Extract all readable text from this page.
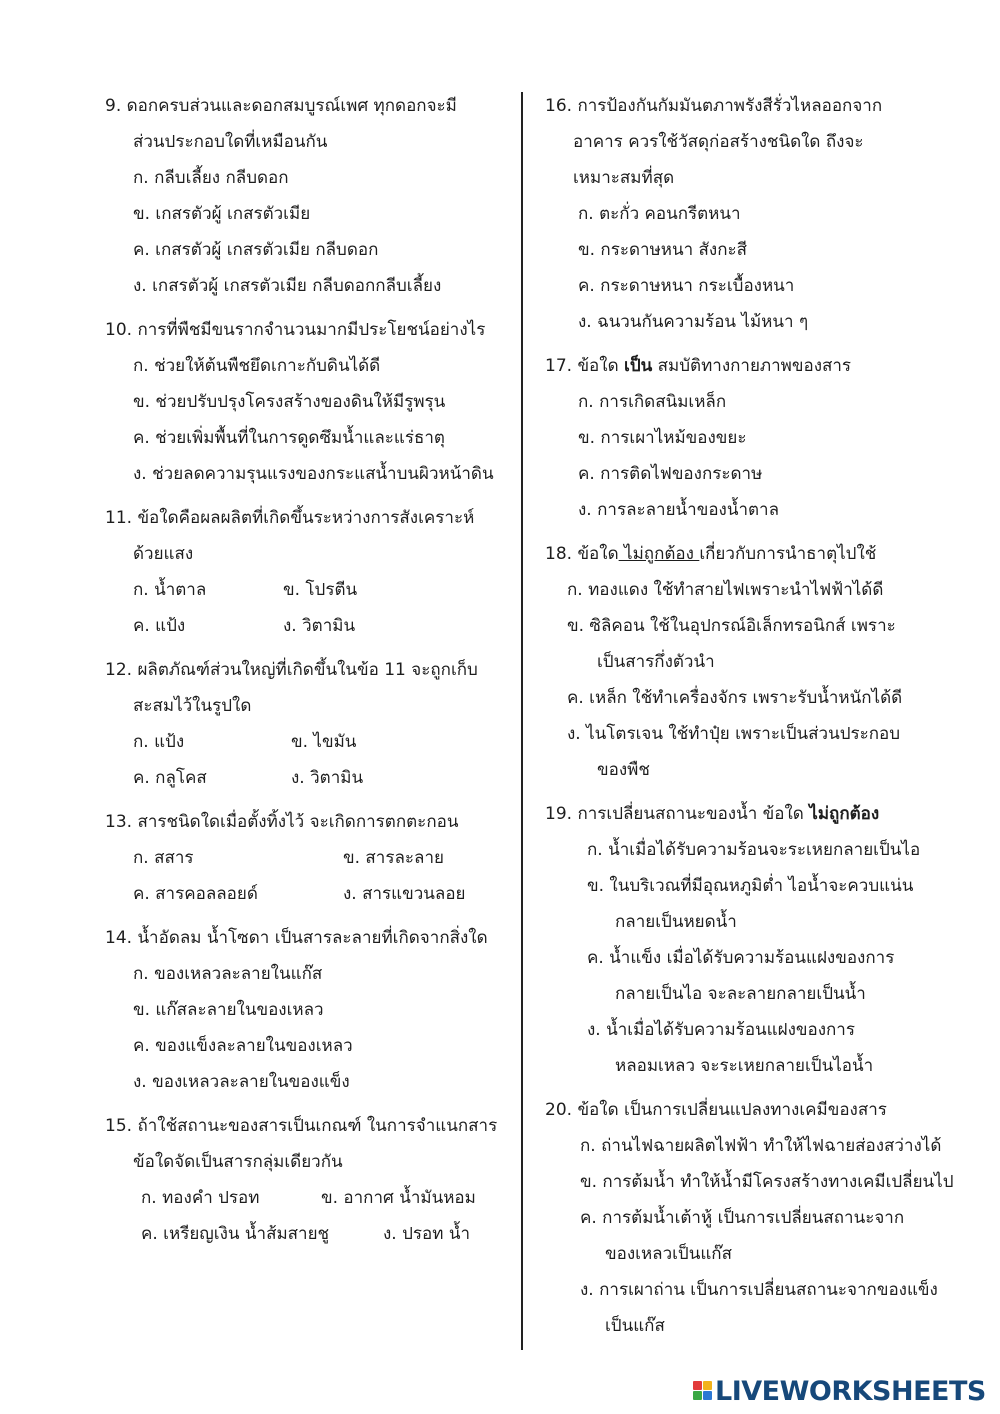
9. ดอกครบส่วนและดอกสมบูรณ์เพศ ทุกดอกจะมี
ส่วนประกอบใดที่เหมือนกัน
ก. กลีบเลี้ยง กลีบดอก
ข. เกสรตัวผู้ เกสรตัวเมีย
ค. เกสรตัวผู้ เกสรตัวเมีย กลีบดอก
ง. เกสรตัวผู้ เกสรตัวเมีย กลีบดอกกลีบเลี้ยง
10. การที่พืชมีขนรากจำนวนมากมีประโยชน์อย่างไร
ก. ช่วยให้ต้นพืชยึดเกาะกับดินได้ดี
ข. ช่วยปรับปรุงโครงสร้างของดินให้มีรูพรุน
ค. ช่วยเพิ่มพื้นที่ในการดูดซึมน้ำและแร่ธาตุ
ง. ช่วยลดความรุนแรงของกระแสน้ำบนผิวหน้าดิน
11. ข้อใดคือผลผลิตที่เกิดขึ้นระหว่างการสังเคราะห์
ด้วยแสง
ก. น้ำตาล	ข. โปรตีน
ค. แป้ง	ง. วิตามิน
12. ผลิตภัณฑ์ส่วนใหญ่ที่เกิดขึ้นในข้อ 11 จะถูกเก็บ
สะสมไว้ในรูปใด
ก. แป้ง	ข. ไขมัน
ค. กลูโคส	ง. วิตามิน
13. สารชนิดใดเมื่อตั้งทิ้งไว้ จะเกิดการตกตะกอน
ก. สสาร	ข. สารละลาย
ค. สารคอลลอยด์	ง. สารแขวนลอย
14. น้ำอัดลม น้ำโซดา เป็นสารละลายที่เกิดจากสิ่งใด
ก. ของเหลวละลายในแก๊ส
ข. แก๊สละลายในของเหลว
ค. ของแข็งละลายในของเหลว
ง. ของเหลวละลายในของแข็ง
15. ถ้าใช้สถานะของสารเป็นเกณฑ์ ในการจำแนกสาร
ข้อใดจัดเป็นสารกลุ่มเดียวกัน
ก. ทองคำ ปรอท	ข. อากาศ น้ำมันหอม
ค. เหรียญเงิน น้ำส้มสายชู	ง. ปรอท น้ำ
16. การป้องกันกัมมันตภาพรังสีรั่วไหลออกจาก
อาคาร ควรใช้วัสดุก่อสร้างชนิดใด ถึงจะ
เหมาะสมที่สุด
ก. ตะกั่ว คอนกรีตหนา
ข. กระดาษหนา สังกะสี
ค. กระดาษหนา กระเบื้องหนา
ง. ฉนวนกันความร้อน ไม้หนา ๆ
17. ข้อใด เป็น สมบัติทางกายภาพของสาร
ก. การเกิดสนิมเหล็ก
ข. การเผาไหม้ของขยะ
ค. การติดไฟของกระดาษ
ง. การละลายน้ำของน้ำตาล
18. ข้อใด ไม่ถูกต้อง เกี่ยวกับการนำธาตุไปใช้
ก. ทองแดง ใช้ทำสายไฟเพราะนำไฟฟ้าได้ดี
ข. ซิลิคอน ใช้ในอุปกรณ์อิเล็กทรอนิกส์ เพราะ
เป็นสารกึ่งตัวนำ
ค. เหล็ก ใช้ทำเครื่องจักร เพราะรับน้ำหนักได้ดี
ง. ไนโตรเจน ใช้ทำปุ๋ย เพราะเป็นส่วนประกอบ
ของพืช
19. การเปลี่ยนสถานะของน้ำ ข้อใด ไม่ถูกต้อง
ก. น้ำเมื่อได้รับความร้อนจะระเหยกลายเป็นไอ
ข. ในบริเวณที่มีอุณหภูมิต่ำ ไอน้ำจะควบแน่น
กลายเป็นหยดน้ำ
ค. น้ำแข็ง เมื่อได้รับความร้อนแฝงของการ
กลายเป็นไอ จะละลายกลายเป็นน้ำ
ง. น้ำเมื่อได้รับความร้อนแฝงของการ
หลอมเหลว จะระเหยกลายเป็นไอน้ำ
20. ข้อใด เป็นการเปลี่ยนแปลงทางเคมีของสาร
ก. ถ่านไฟฉายผลิตไฟฟ้า ทำให้ไฟฉายส่องสว่างได้
ข. การต้มน้ำ ทำให้น้ำมีโครงสร้างทางเคมีเปลี่ยนไป
ค. การต้มน้ำเต้าหู้ เป็นการเปลี่ยนสถานะจาก
ของเหลวเป็นแก๊ส
ง. การเผาถ่าน เป็นการเปลี่ยนสถานะจากของแข็ง
เป็นแก๊ส
LIVEWORKSHEETS
